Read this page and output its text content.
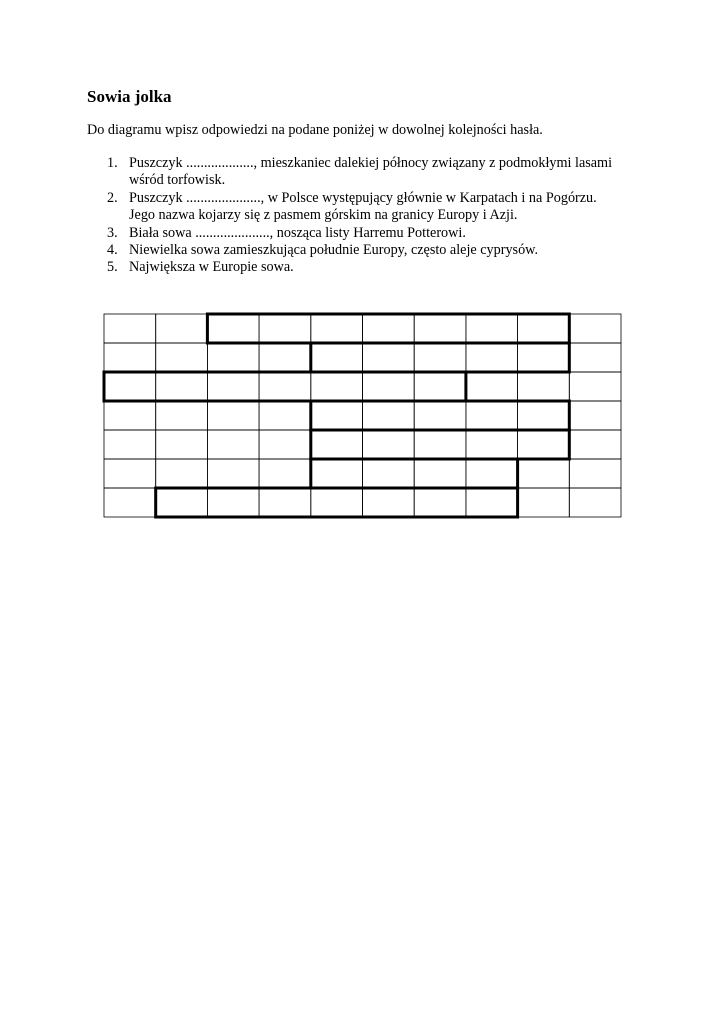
Sowia jolka

Do diagramu wpisz odpowiedzi na podane poniżej w dowolnej kolejności hasła.

1. Puszczyk ..................., mieszkaniec dalekiej północy związany z podmokłymi lasami
wśród torfowisk.
2. Puszczyk ....................., w Polsce występujący głównie w Karpatach i na Pogórzu.
Jego nazwa kojarzy się z pasmem górskim na granicy Europy i Azji.
3. Biała sowa ....................., nosząca listy Harremu Potterowi.
4. Niewielka sowa zamieszkująca południe Europy, często aleje cyprysów.
5. Największa w Europie sowa.
